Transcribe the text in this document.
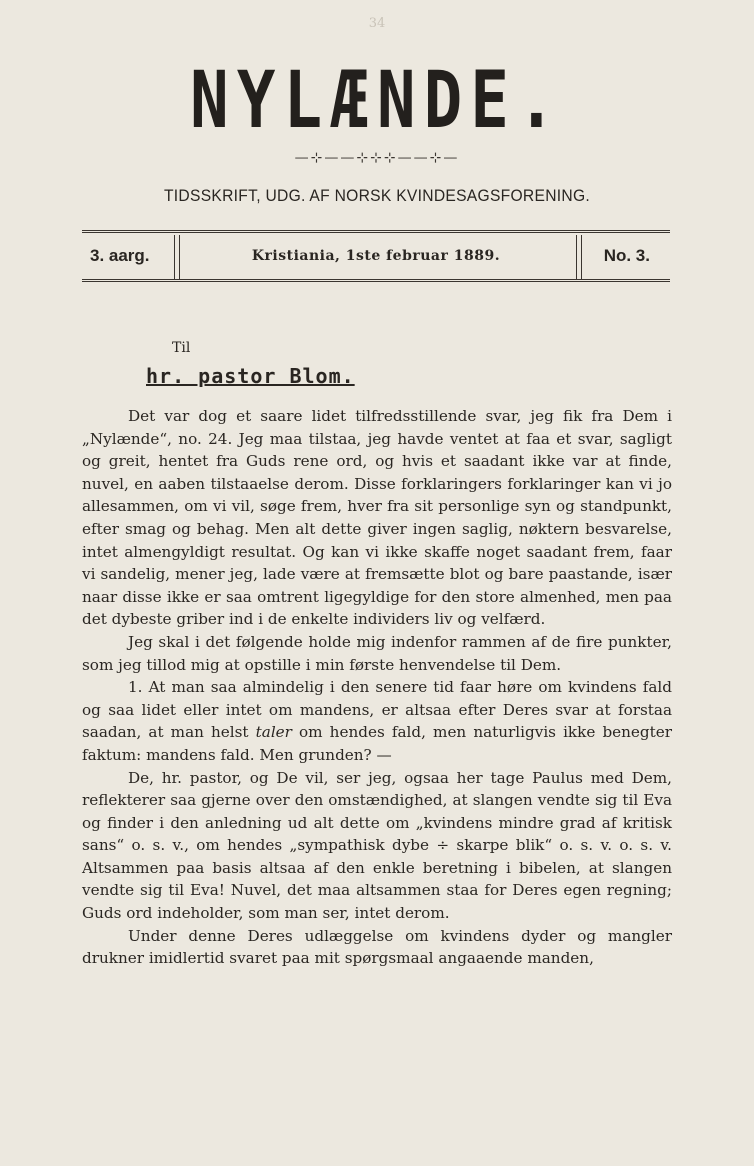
34
NYLÆNDE.
—⊹——⊹⊹⊹——⊹—
TIDSSKRIFT, UDG. AF NORSK KVINDESAGSFORENING.
3. aarg.	Kristiania, 1ste februar 1889.	No. 3.
Til
hr. pastor Blom.

Det var dog et saare lidet tilfredsstillende svar, jeg fik fra Dem i „Nylænde“, no. 24. Jeg maa tilstaa, jeg havde ventet at faa et svar, sagligt og greit, hentet fra Guds rene ord, og hvis et saadant ikke var at finde, nuvel, en aaben tilstaaelse derom. Disse forklaringers forklaringer kan vi jo allesammen, om vi vil, søge frem, hver fra sit personlige syn og standpunkt, efter smag og behag. Men alt dette giver ingen saglig, nøktern besvarelse, intet almengyldigt resultat. Og kan vi ikke skaffe noget saadant frem, faar vi sandelig, mener jeg, lade være at fremsætte blot og bare paastande, især naar disse ikke er saa omtrent ligegyldige for den store almenhed, men paa det dybeste griber ind i de enkelte individers liv og velfærd.

Jeg skal i det følgende holde mig indenfor rammen af de fire punkter, som jeg tillod mig at opstille i min første henvendelse til Dem.

1. At man saa almindelig i den senere tid faar høre om kvindens fald og saa lidet eller intet om mandens, er altsaa efter Deres svar at forstaa saadan, at man helst taler om hendes fald, men naturligvis ikke benegter faktum: mandens fald. Men grunden? —

De, hr. pastor, og De vil, ser jeg, ogsaa her tage Paulus med Dem, reflekterer saa gjerne over den omstændighed, at slangen vendte sig til Eva og finder i den anledning ud alt dette om „kvindens mindre grad af kritisk sans“ o. s. v., om hendes „sympathisk dybe ÷ skarpe blik“ o. s. v. o. s. v. Altsammen paa basis altsaa af den enkle beretning i bibelen, at slangen vendte sig til Eva! Nuvel, det maa altsammen staa for Deres egen regning; Guds ord indeholder, som man ser, intet derom.

Under denne Deres udlæggelse om kvindens dyder og mangler drukner imidlertid svaret paa mit spørgsmaal angaaende manden,
